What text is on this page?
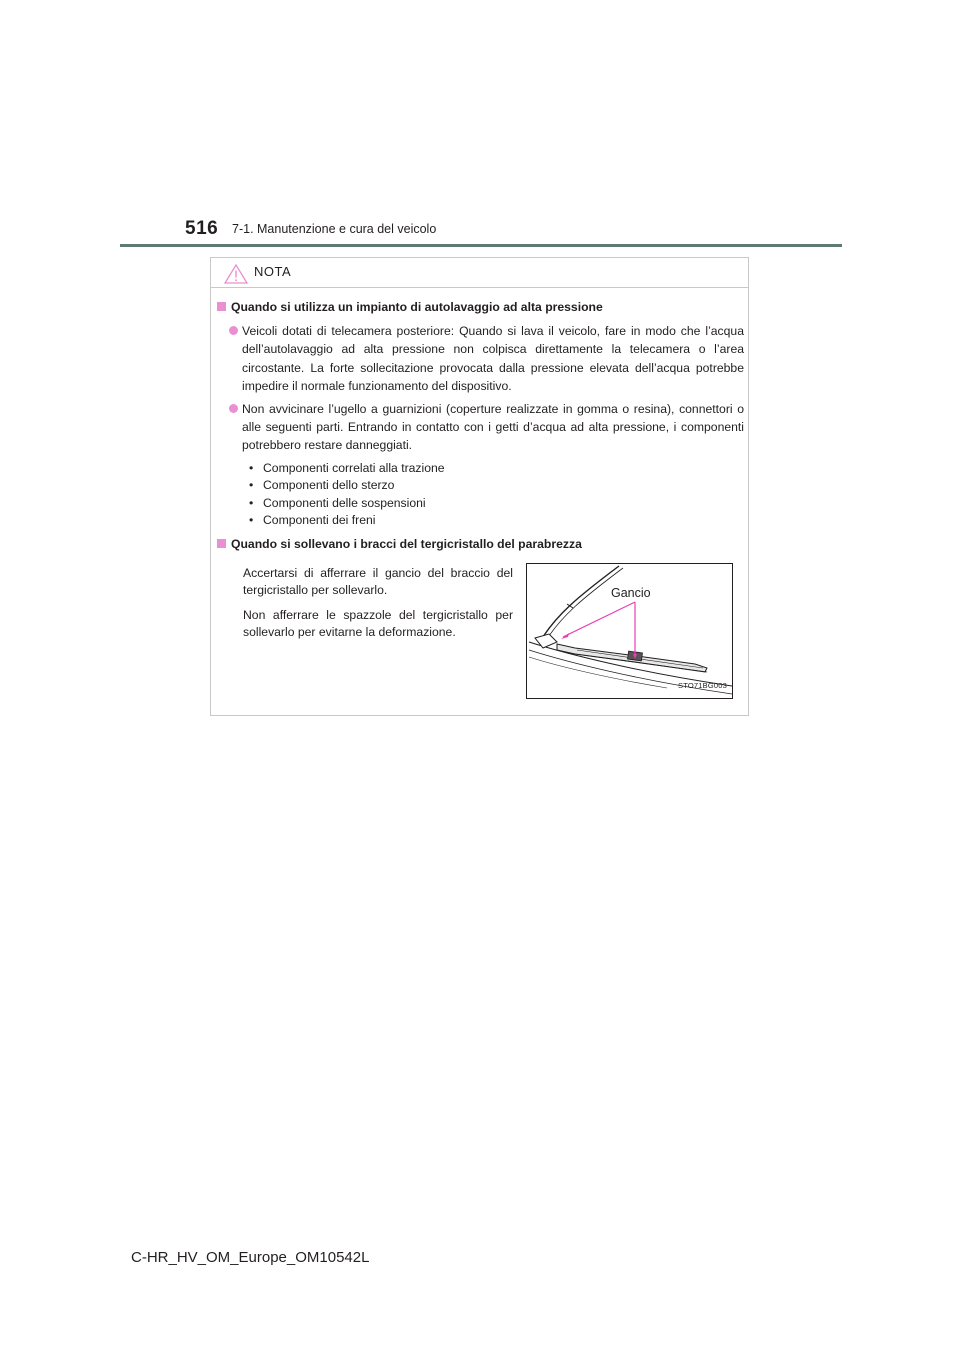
516 7-1. Manutenzione e cura del veicolo
NOTA
Quando si utilizza un impianto di autolavaggio ad alta pressione

Veicoli dotati di telecamera posteriore: Quando si lava il veicolo, fare in modo che l’acqua dell’autolavaggio ad alta pressione non colpisca direttamente la telecamera o l’area circostante. La forte sollecitazione provocata dalla pressione elevata dell’acqua potrebbe impedire il normale funzionamento del dispositivo.

Non avvicinare l’ugello a guarnizioni (coperture realizzate in gomma o resina), connettori o alle seguenti parti. Entrando in contatto con i getti d’acqua ad alta pressione, i componenti potrebbero restare danneggiati.

• Componenti correlati alla trazione
• Componenti dello sterzo
• Componenti delle sospensioni
• Componenti dei freni
Quando si sollevano i bracci del tergicristallo del parabrezza

Accertarsi di afferrare il gancio del braccio del tergicristallo per sollevarlo.

Non afferrare le spazzole del tergicristallo per sollevarlo per evitarne la deformazione.

Gancio
STO71BG003
C-HR_HV_OM_Europe_OM10542L
